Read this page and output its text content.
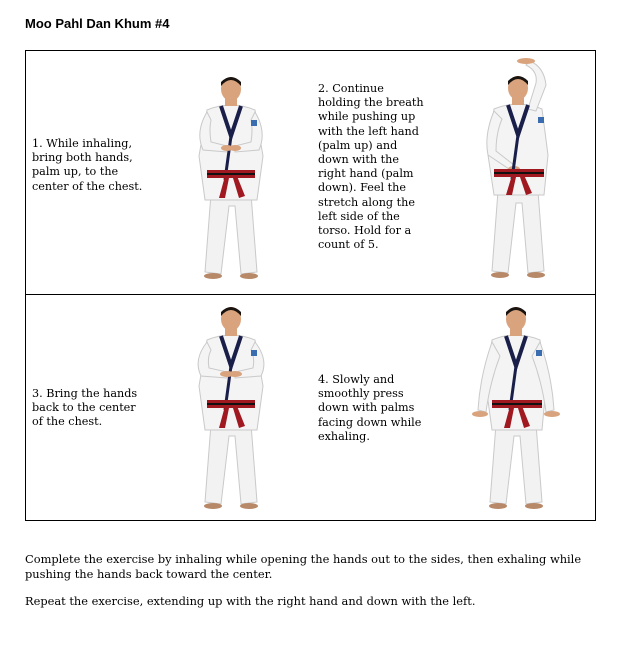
Moo Pahl Dan Khum #4
1. While inhaling,
bring both hands,
palm up, to the
center of the chest.
2. Continue
holding the breath
while pushing up
with the left hand
(palm up) and
down with the
right hand (palm
down). Feel the
stretch along the
left side of the
torso. Hold for a
count of 5.
3. Bring the hands
back to the center
of the chest.
4. Slowly and
smoothly press
down with palms
facing down while
exhaling.
Complete the exercise by inhaling while opening the hands out to the sides, then exhaling while pushing the hands back toward the center.
Repeat the exercise, extending up with the right hand and down with the left.
